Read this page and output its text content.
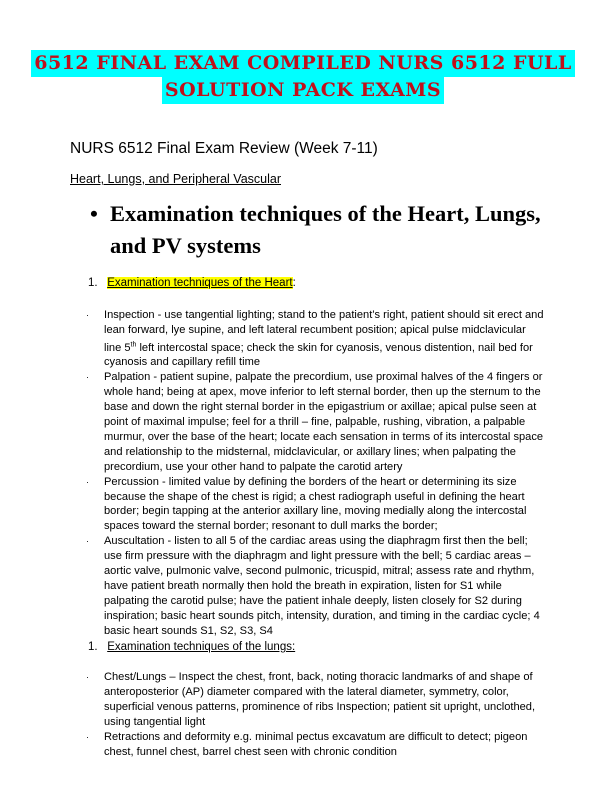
6512 FINAL EXAM COMPILED NURS 6512 FULL
SOLUTION PACK EXAMS
NURS 6512 Final Exam Review (Week 7-11)
Heart, Lungs, and Peripheral Vascular
• Examination techniques of the Heart, Lungs, and PV systems
1. Examination techniques of the Heart:
· Inspection - use tangential lighting; stand to the patient’s right, patient should sit erect and lean forward, lye supine, and left lateral recumbent position; apical pulse midclavicular line 5th left intercostal space; check the skin for cyanosis, venous distention, nail bed for cyanosis and capillary refill time
· Palpation - patient supine, palpate the precordium, use proximal halves of the 4 fingers or whole hand; being at apex, move inferior to left sternal border, then up the sternum to the base and down the right sternal border in the epigastrium or axillae; apical pulse seen at point of maximal impulse; feel for a thrill – fine, palpable, rushing, vibration, a palpable murmur, over the base of the heart; locate each sensation in terms of its intercostal space and relationship to the midsternal, midclavicular, or axillary lines; when palpating the precordium, use your other hand to palpate the carotid artery
· Percussion - limited value by defining the borders of the heart or determining its size because the shape of the chest is rigid; a chest radiograph useful in defining the heart border; begin tapping at the anterior axillary line, moving medially along the intercostal spaces toward the sternal border; resonant to dull marks the border;
· Auscultation - listen to all 5 of the cardiac areas using the diaphragm first then the bell; use firm pressure with the diaphragm and light pressure with the bell; 5 cardiac areas – aortic valve, pulmonic valve, second pulmonic, tricuspid, mitral; assess rate and rhythm, have patient breath normally then hold the breath in expiration, listen for S1 while palpating the carotid pulse; have the patient inhale deeply, listen closely for S2 during inspiration; basic heart sounds pitch, intensity, duration, and timing in the cardiac cycle; 4 basic heart sounds S1, S2, S3, S4
1. Examination techniques of the lungs:
· Chest/Lungs – Inspect the chest, front, back, noting thoracic landmarks of and shape of anteroposterior (AP) diameter compared with the lateral diameter, symmetry, color, superficial venous patterns, prominence of ribs Inspection; patient sit upright, unclothed, using tangential light
· Retractions and deformity e.g. minimal pectus excavatum are difficult to detect; pigeon chest, funnel chest, barrel chest seen with chronic condition
